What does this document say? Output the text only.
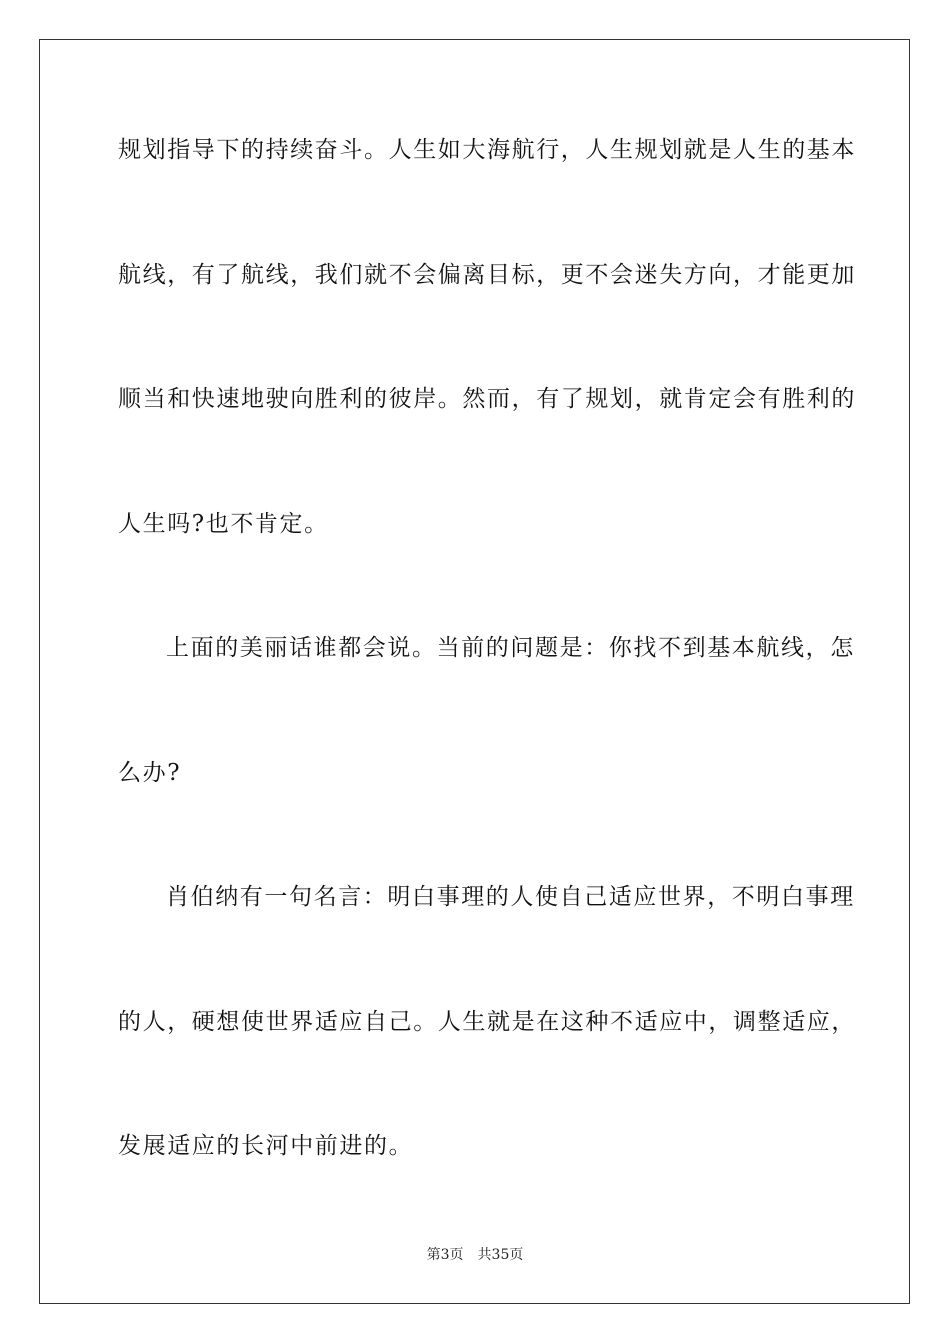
规划指导下的持续奋斗。人生如大海航行，人生规划就是人生的基本
航线，有了航线，我们就不会偏离目标，更不会迷失方向，才能更加
顺当和快速地驶向胜利的彼岸。然而，有了规划，就肯定会有胜利的
人生吗?也不肯定。
上面的美丽话谁都会说。当前的问题是：你找不到基本航线，怎
么办?
肖伯纳有一句名言：明白事理的人使自己适应世界，不明白事理
的人，硬想使世界适应自己。人生就是在这种不适应中，调整适应，
发展适应的长河中前进的。
第3页 共35页
